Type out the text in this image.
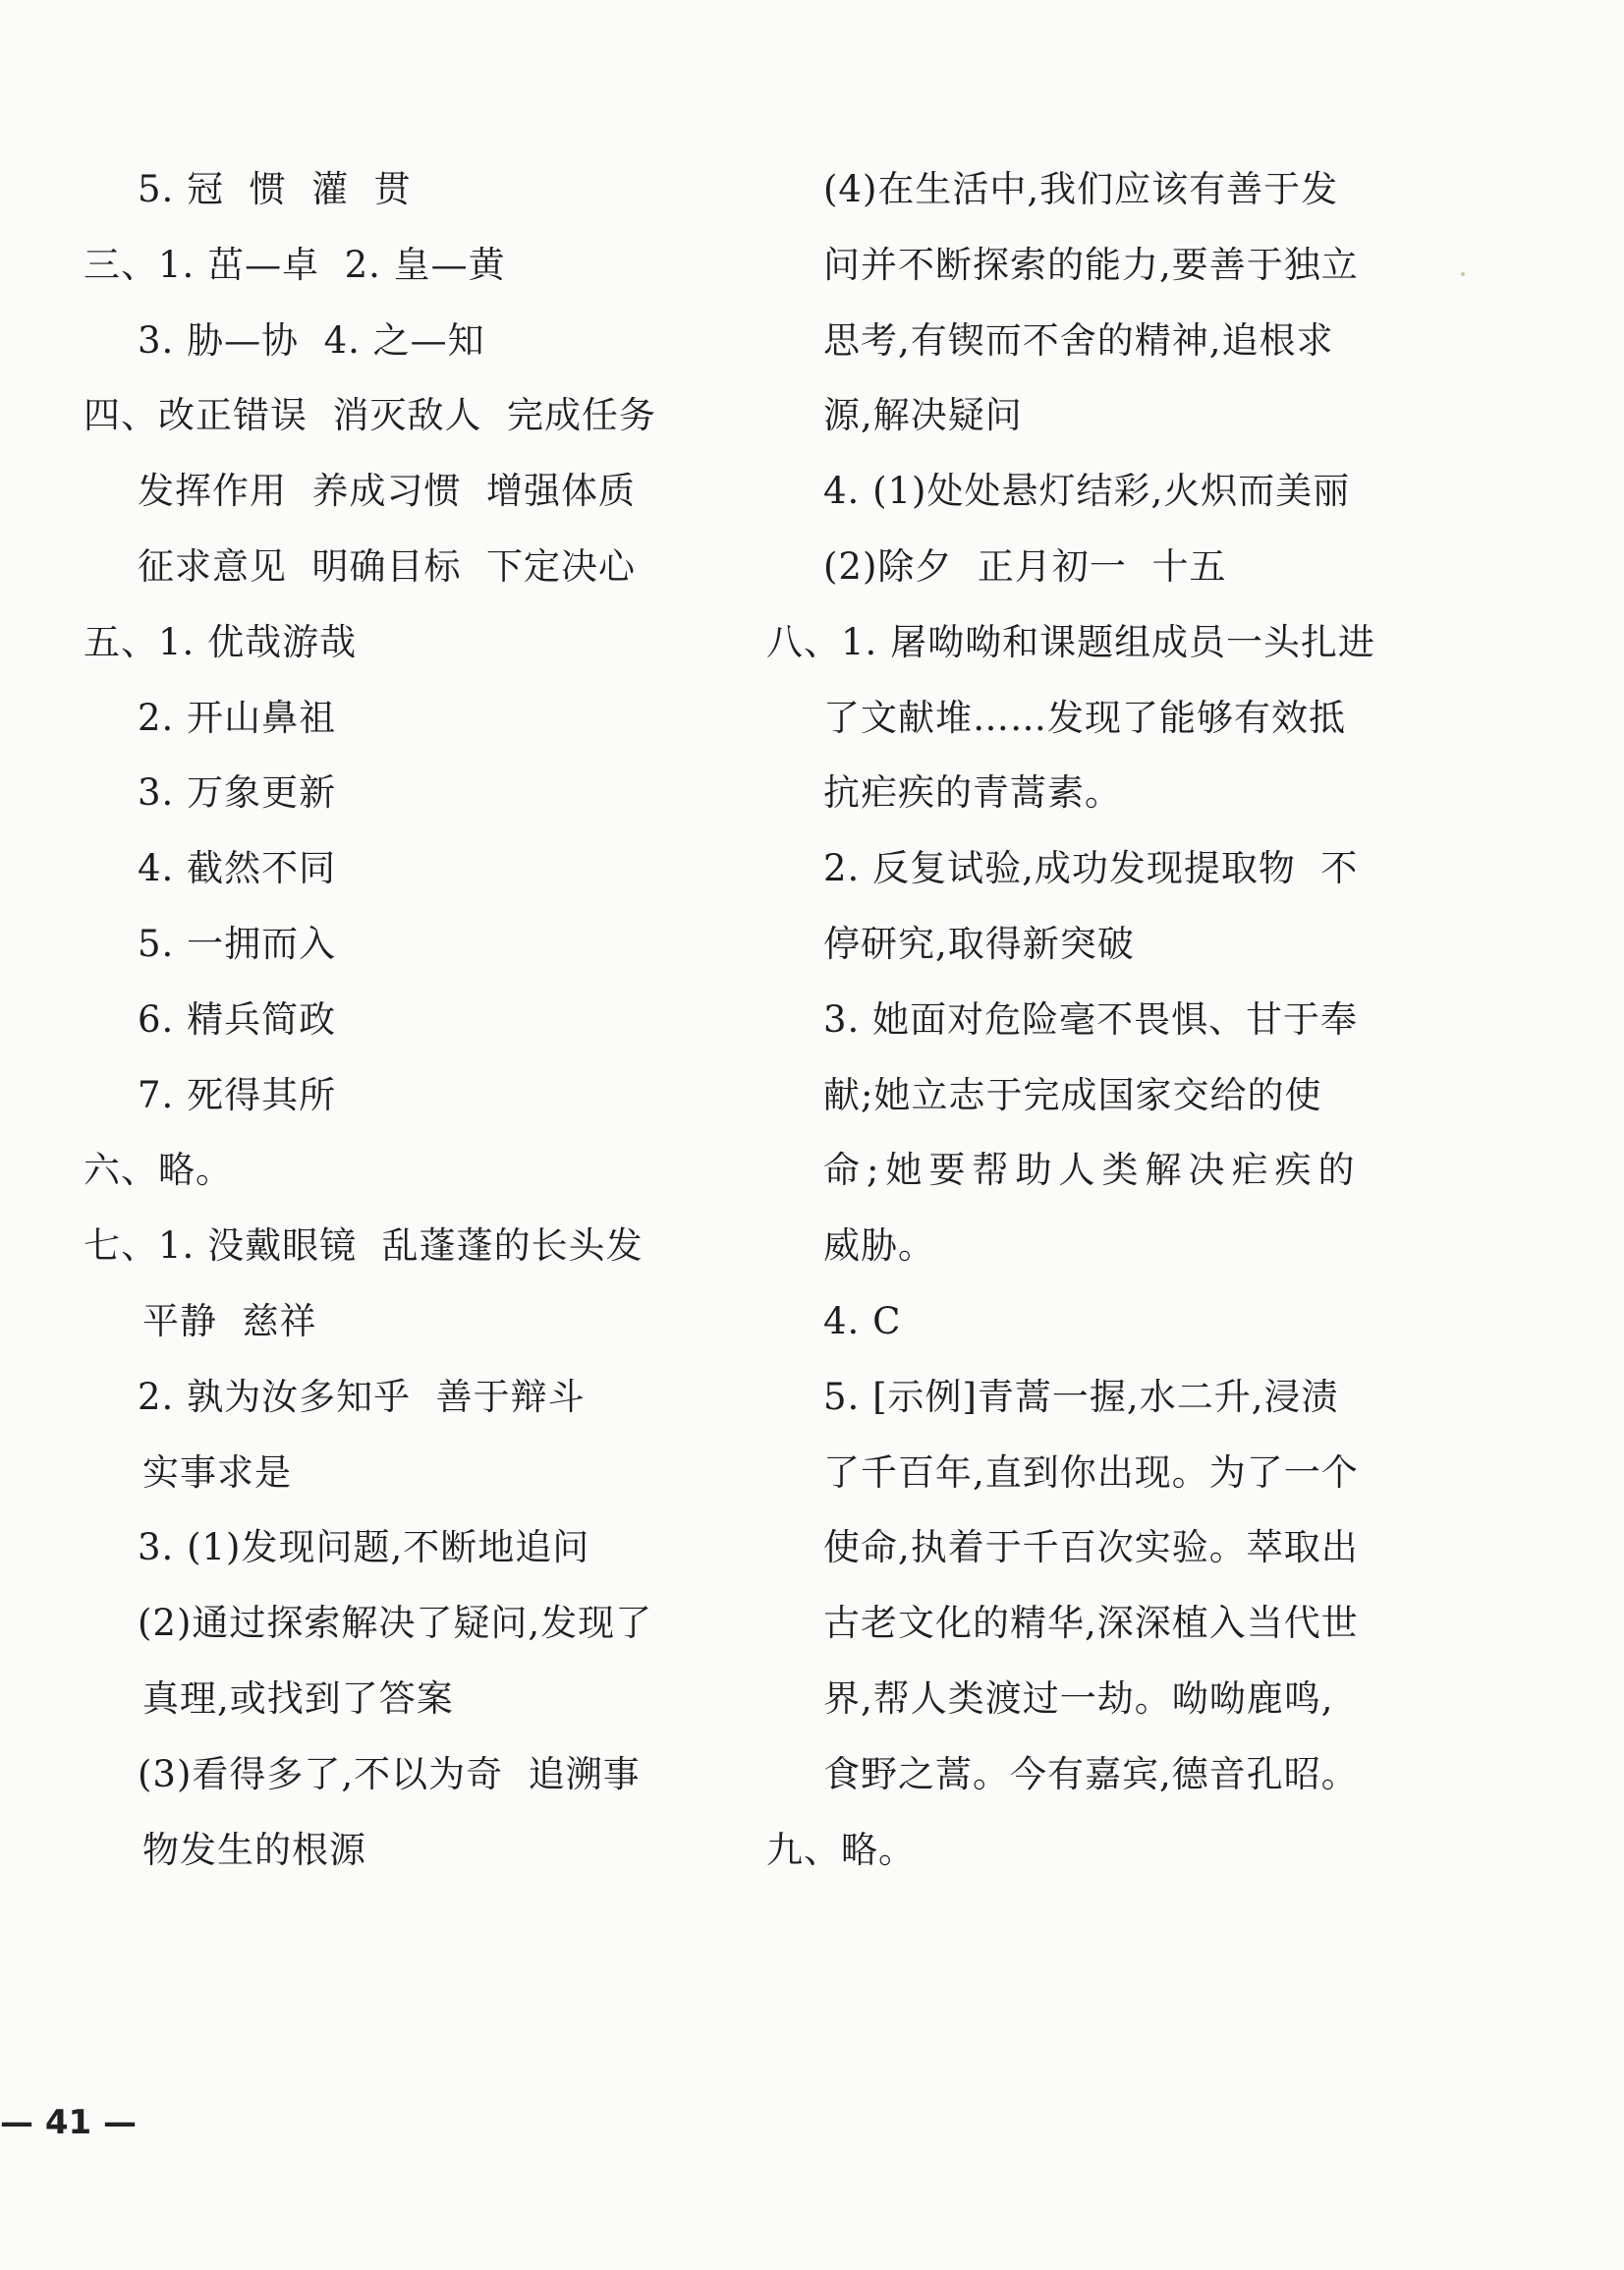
5. 冠  惯  灌  贯
三、1. 茁—卓  2. 皇—黄
3. 胁—协  4. 之—知
四、改正错误  消灭敌人  完成任务
发挥作用  养成习惯  增强体质
征求意见  明确目标  下定决心
五、1. 优哉游哉
2. 开山鼻祖
3. 万象更新
4. 截然不同
5. 一拥而入
6. 精兵简政
7. 死得其所
六、略。
七、1. 没戴眼镜  乱蓬蓬的长头发
平静  慈祥
2. 孰为汝多知乎  善于辩斗
实事求是
3. (1)发现问题,不断地追问
(2)通过探索解决了疑问,发现了
真理,或找到了答案
(3)看得多了,不以为奇  追溯事
物发生的根源
(4)在生活中,我们应该有善于发
问并不断探索的能力,要善于独立
思考,有锲而不舍的精神,追根求
源,解决疑问
4. (1)处处悬灯结彩,火炽而美丽
(2)除夕  正月初一  十五
八、1. 屠呦呦和课题组成员一头扎进
了文献堆……发现了能够有效抵
抗疟疾的青蒿素。
2. 反复试验,成功发现提取物  不
停研究,取得新突破
3. 她面对危险毫不畏惧、甘于奉
献;她立志于完成国家交给的使
命;她要帮助人类解决疟疾的
威胁。
4. C
5. [示例]青蒿一握,水二升,浸渍
了千百年,直到你出现。为了一个
使命,执着于千百次实验。萃取出
古老文化的精华,深深植入当代世
界,帮人类渡过一劫。呦呦鹿鸣,
食野之蒿。今有嘉宾,德音孔昭。
九、略。
— 41 —
